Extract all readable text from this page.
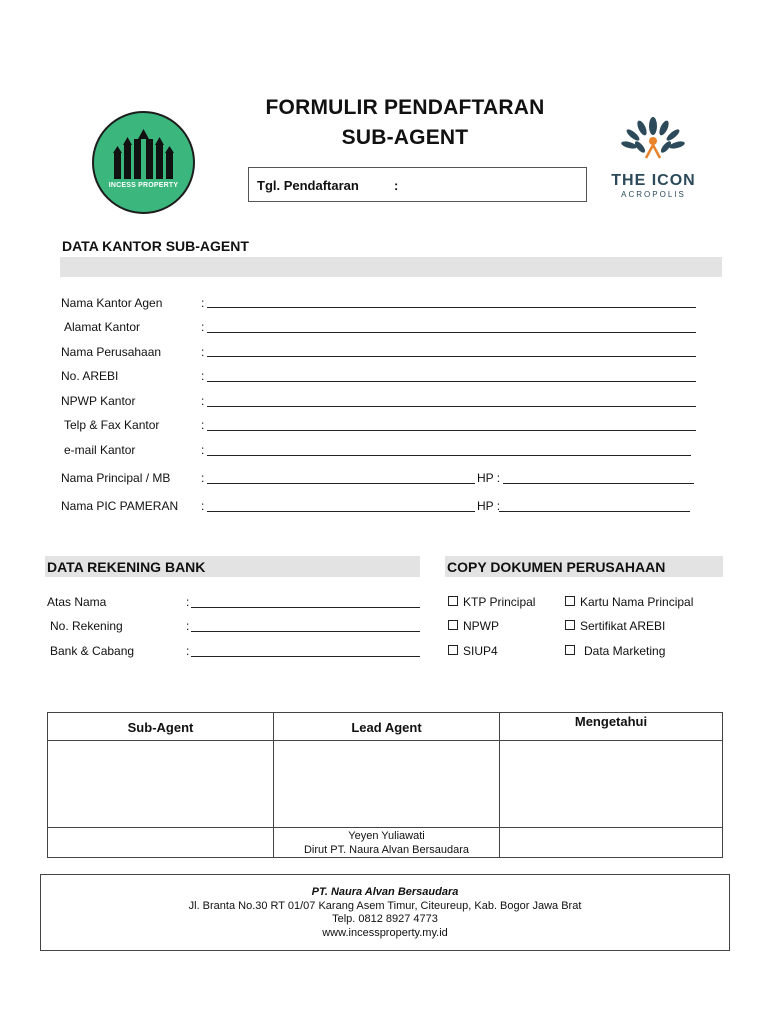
FORMULIR PENDAFTARAN
SUB-AGENT
INCESS PROPERTY	Tgl. Pendaftaran	:	THE ICON
ACROPOLIS
DATA KANTOR SUB-AGENT
Nama Kantor Agen	:
Alamat Kantor	:
Nama Perusahaan	:
No. AREBI	:
NPWP Kantor	:
Telp & Fax Kantor	:
e-mail Kantor	:
Nama Principal / MB	:	HP :
Nama PIC PAMERAN :	HP :
DATA REKENING BANK
Atas Nama	:
No. Rekening	:
Bank & Cabang	:
COPY DOKUMEN PERUSAHAAN
KTP Principal	Kartu Nama Principal
NPWP	Sertifikat AREBI
SIUP4	Data Marketing
Sub-Agent	Lead Agent	Mengetahui

	Yeyen Yuliawati
Dirut PT. Naura Alvan Bersaudara	

PT. Naura Alvan Bersaudara
Jl. Branta No.30 RT 01/07 Karang Asem Timur, Citeureup, Kab. Bogor Jawa Brat
Telp. 0812 8927 4773
www.incessproperty.my.id
